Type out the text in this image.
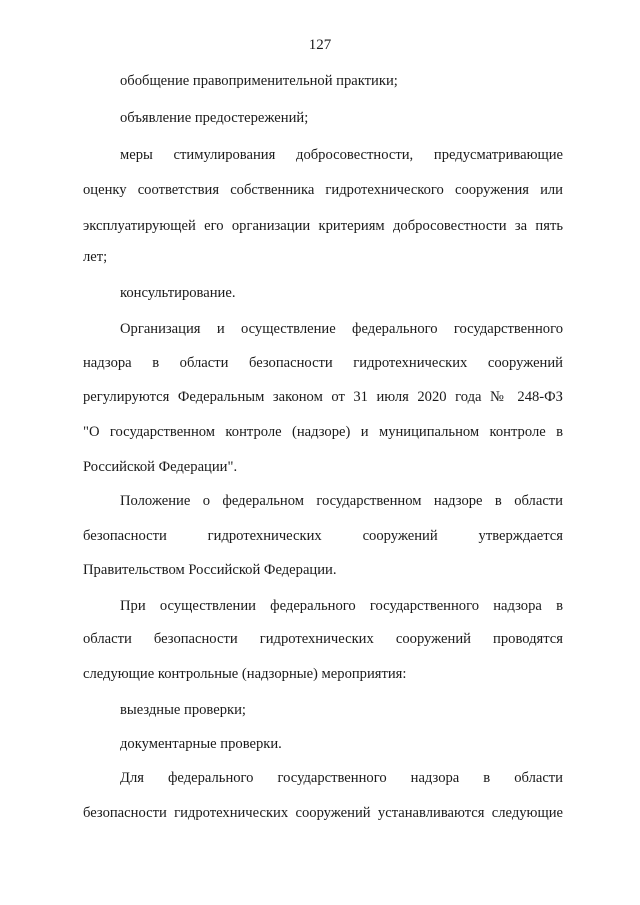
127
обобщение правоприменительной практики;
объявление предостережений;
меры стимулирования добросовестности, предусматривающие
оценку соответствия собственника гидротехнического сооружения или
эксплуатирующей его организации критериям добросовестности за пять
лет;
консультирование.
Организация и осуществление федерального государственного
надзора в области безопасности гидротехнических сооружений
регулируются Федеральным законом от 31 июля 2020 года № 248-ФЗ
"О государственном контроле (надзоре) и муниципальном контроле в
Российской Федерации".
Положение о федеральном государственном надзоре в области
безопасности гидротехнических сооружений утверждается
Правительством Российской Федерации.
При осуществлении федерального государственного надзора в
области безопасности гидротехнических сооружений проводятся
следующие контрольные (надзорные) мероприятия:
выездные проверки;
документарные проверки.
Для федерального государственного надзора в области
безопасности гидротехнических сооружений устанавливаются следующие
